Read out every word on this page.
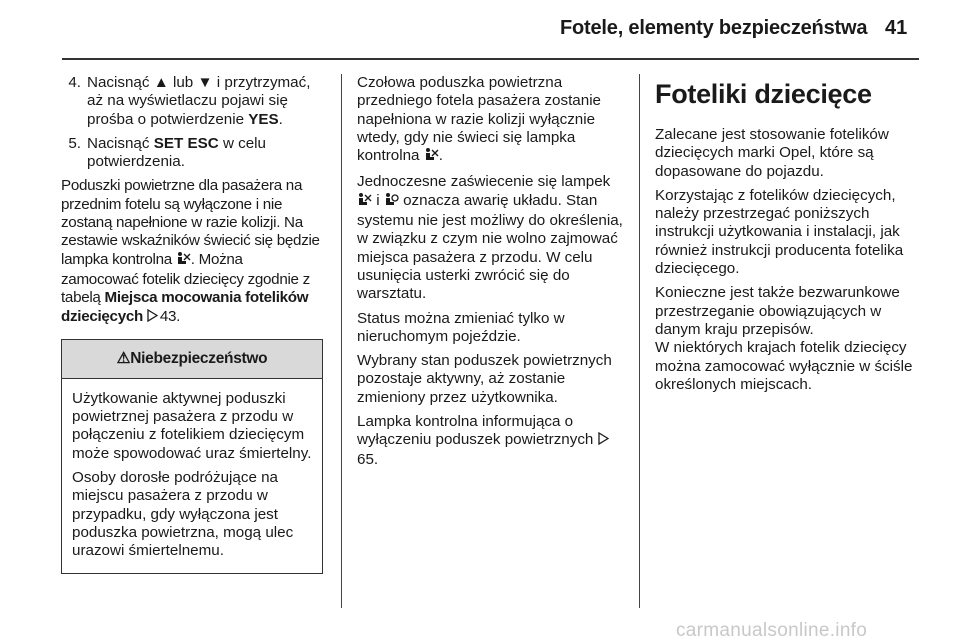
Fotele, elementy bezpieczeństwa 41
4. Nacisnąć ▲ lub ▼ i przytrzymać, aż na wyświetlaczu pojawi się prośba o potwierdzenie YES.
5. Nacisnąć SET ESC w celu potwierdzenia.

Poduszki powietrzne dla pasażera na przednim fotelu są wyłączone i nie zostaną napełnione w razie kolizji. Na zestawie wskaźników świecić się będzie lampka kontrolna . Można zamocować fotelik dziecięcy zgodnie z tabelą Miejsca mocowania fotelików dziecięcych 43.

⚠ Niebezpieczeństwo

Użytkowanie aktywnej poduszki powietrznej pasażera z przodu w połączeniu z fotelikiem dziecięcym może spowodować uraz śmiertelny.

Osoby dorosłe podróżujące na miejscu pasażera z przodu w przypadku, gdy wyłączona jest poduszka powietrzna, mogą ulec urazowi śmiertelnemu.

Czołowa poduszka powietrzna przedniego fotela pasażera zostanie napełniona w razie kolizji wyłącznie wtedy, gdy nie świeci się lampka kontrolna .

Jednoczesne zaświecenie się lampek  i oznacza awarię układu. Stan systemu nie jest możliwy do określenia, w związku z czym nie wolno zajmować miejsca pasażera z przodu. W celu usunięcia usterki zwrócić się do warsztatu.

Status można zmieniać tylko w nieruchomym pojeździe.

Wybrany stan poduszek powietrznych pozostaje aktywny, aż zostanie zmieniony przez użytkownika.

Lampka kontrolna informująca o wyłączeniu poduszek powietrznych 65.

Foteliki dziecięce

Zalecane jest stosowanie fotelików dziecięcych marki Opel, które są dopasowane do pojazdu.

Korzystając z fotelików dziecięcych, należy przestrzegać poniższych instrukcji użytkowania i instalacji, jak również instrukcji producenta fotelika dziecięcego.

Konieczne jest także bezwarunkowe przestrzeganie obowiązujących w danym kraju przepisów.

W niektórych krajach fotelik dziecięcy można zamocować wyłącznie w ściśle określonych miejscach.

carmanualsonline.info
